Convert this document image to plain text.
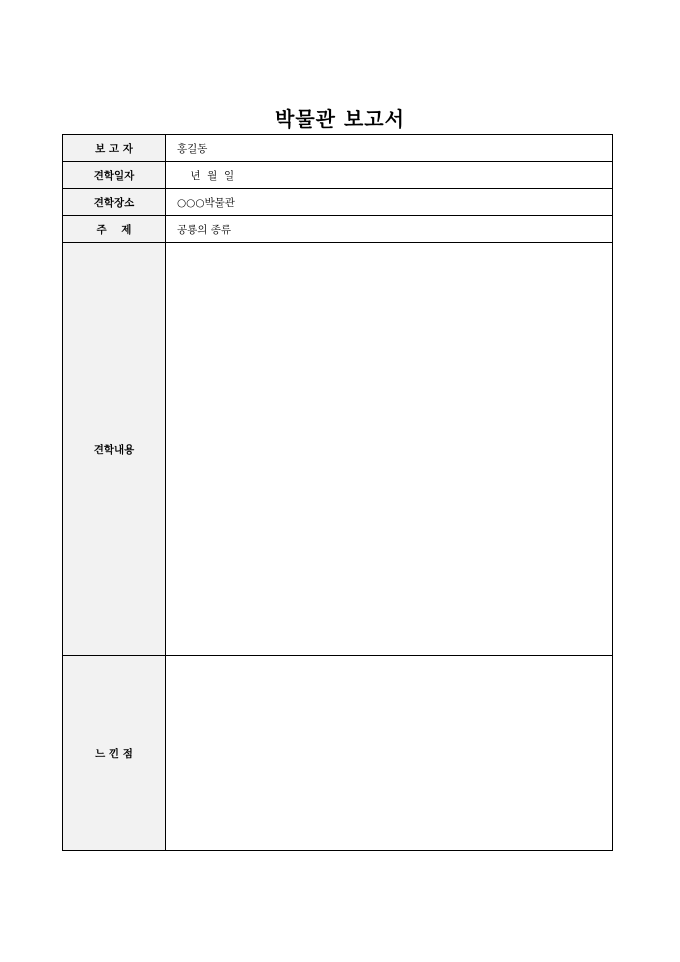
박물관 보고서
보 고 자	홍길동
견학일자	년  월  일
견학장소	○○○박물관
주    제	공룡의 종류
견학내용	
느 낀 점	
